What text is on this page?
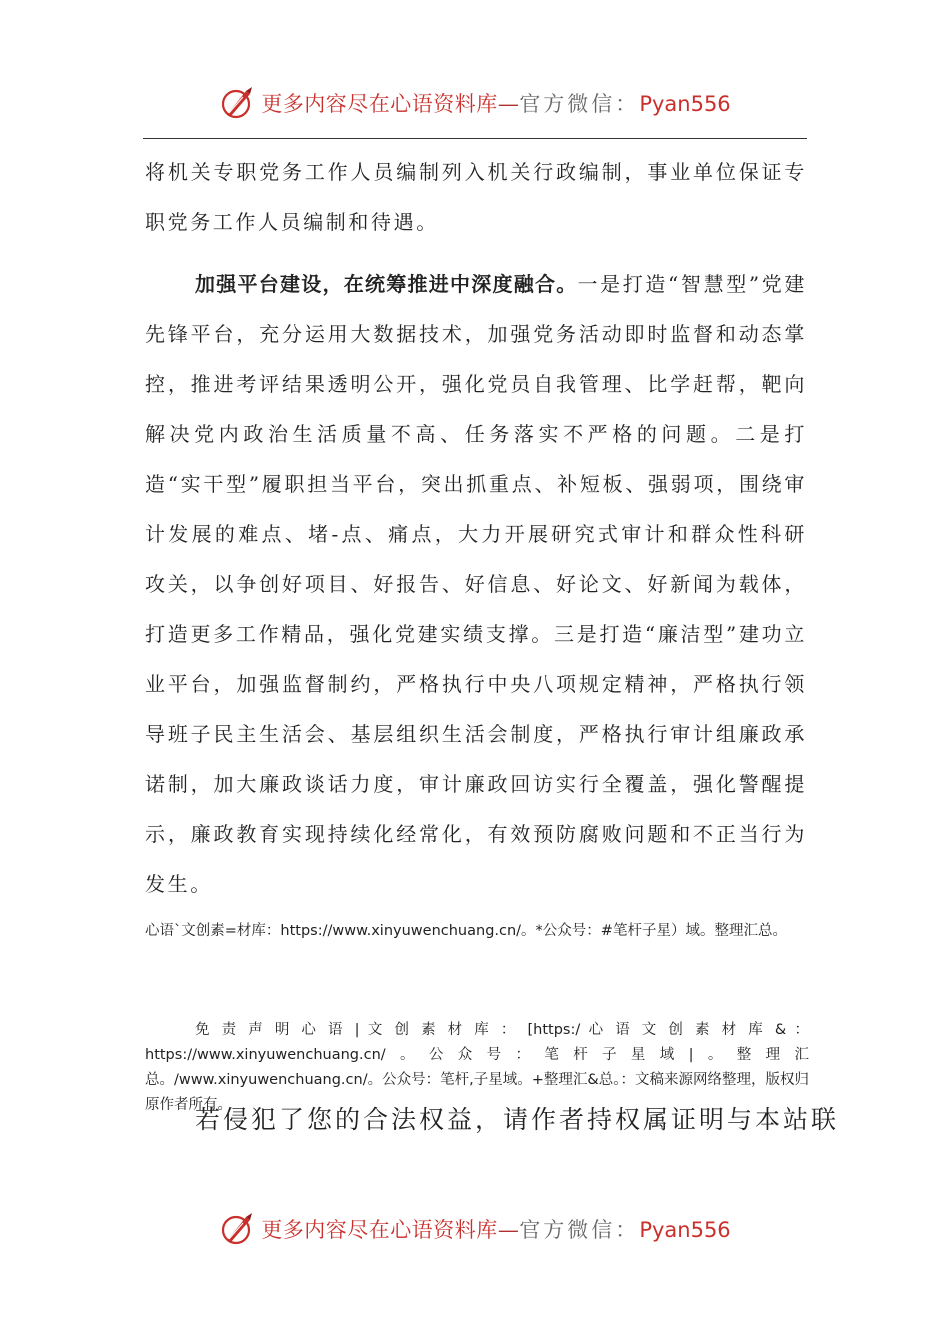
更多内容尽在心语资料库—官方微信：Pyan556

将机关专职党务工作人员编制列入机关行政编制，事业单位保证专职党务工作人员编制和待遇。

加强平台建设，在统筹推进中深度融合。一是打造“智慧型”党建先锋平台，充分运用大数据技术，加强党务活动即时监督和动态掌控，推进考评结果透明公开，强化党员自我管理、比学赶帮，靶向解决党内政治生活质量不高、任务落实不严格的问题。二是打造“实干型”履职担当平台，突出抓重点、补短板、强弱项，围绕审计发展的难点、堵-点、痛点，大力开展研究式审计和群众性科研攻关，以争创好项目、好报告、好信息、好论文、好新闻为载体，打造更多工作精品，强化党建实绩支撑。三是打造“廉洁型”建功立业平台，加强监督制约，严格执行中央八项规定精神，严格执行领导班子民主生活会、基层组织生活会制度，严格执行审计组廉政承诺制，加大廉政谈话力度，审计廉政回访实行全覆盖，强化警醒提示，廉政教育实现持续化经常化，有效预防腐败问题和不正当行为发生。

心语`文创素=材库：https://www.xinyuwenchuang.cn/。*公众号：#笔杆子星）域。整理汇总。

免 责 声 明 心 语 | 文 创 素 材 库 ： [https:/ 心 语 文 创 素 材 库 & ： https://www.xinyuwenchuang.cn/。公众号：笔杆子星域|。整理汇总。/www.xinyuwenchuang.cn/。公众号：笔杆,子星域。+整理汇&总。：文稿来源网络整理，版权归原作者所有。

若侵犯了您的合法权益，请作者持权属证明与本站联

更多内容尽在心语资料库—官方微信：Pyan556
